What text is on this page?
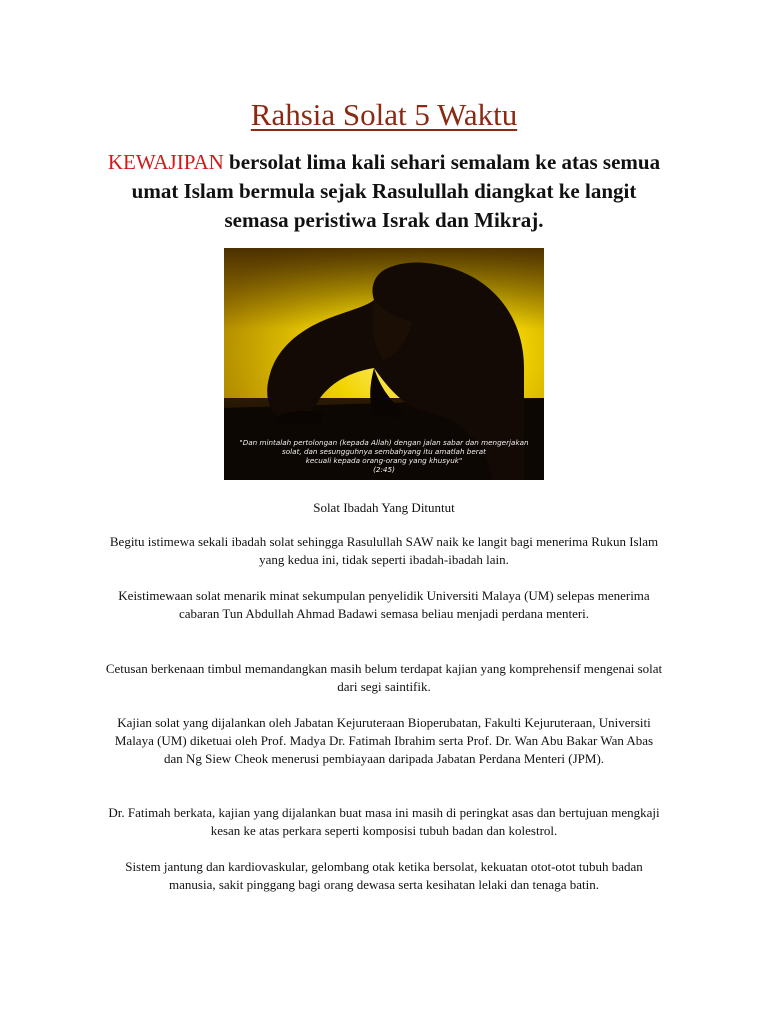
Rahsia Solat 5 Waktu

KEWAJIPAN bersolat lima kali sehari semalam ke atas semua umat Islam bermula sejak Rasulullah diangkat ke langit semasa peristiwa Israk dan Mikraj.

"Dan mintalah pertolongan (kepada Allah) dengan jalan sabar dan mengerjakan
solat, dan sesungguhnya sembahyang itu amatlah berat
kecuali kepada orang-orang yang khusyuk"
(2:45)

Solat Ibadah Yang Dituntut

Begitu istimewa sekali ibadah solat sehingga Rasulullah SAW naik ke langit bagi menerima Rukun Islam yang kedua ini, tidak seperti ibadah-ibadah lain.

Keistimewaan solat menarik minat sekumpulan penyelidik Universiti Malaya (UM) selepas menerima cabaran Tun Abdullah Ahmad Badawi semasa beliau menjadi perdana menteri.

Cetusan berkenaan timbul memandangkan masih belum terdapat kajian yang komprehensif mengenai solat dari segi saintifik.

Kajian solat yang dijalankan oleh Jabatan Kejuruteraan Bioperubatan, Fakulti Kejuruteraan, Universiti Malaya (UM) diketuai oleh Prof. Madya Dr. Fatimah Ibrahim serta Prof. Dr. Wan Abu Bakar Wan Abas dan Ng Siew Cheok menerusi pembiayaan daripada Jabatan Perdana Menteri (JPM).

Dr. Fatimah berkata, kajian yang dijalankan buat masa ini masih di peringkat asas dan bertujuan mengkaji kesan ke atas perkara seperti komposisi tubuh badan dan kolestrol.

Sistem jantung dan kardiovaskular, gelombang otak ketika bersolat, kekuatan otot-otot tubuh badan manusia, sakit pinggang bagi orang dewasa serta kesihatan lelaki dan tenaga batin.
